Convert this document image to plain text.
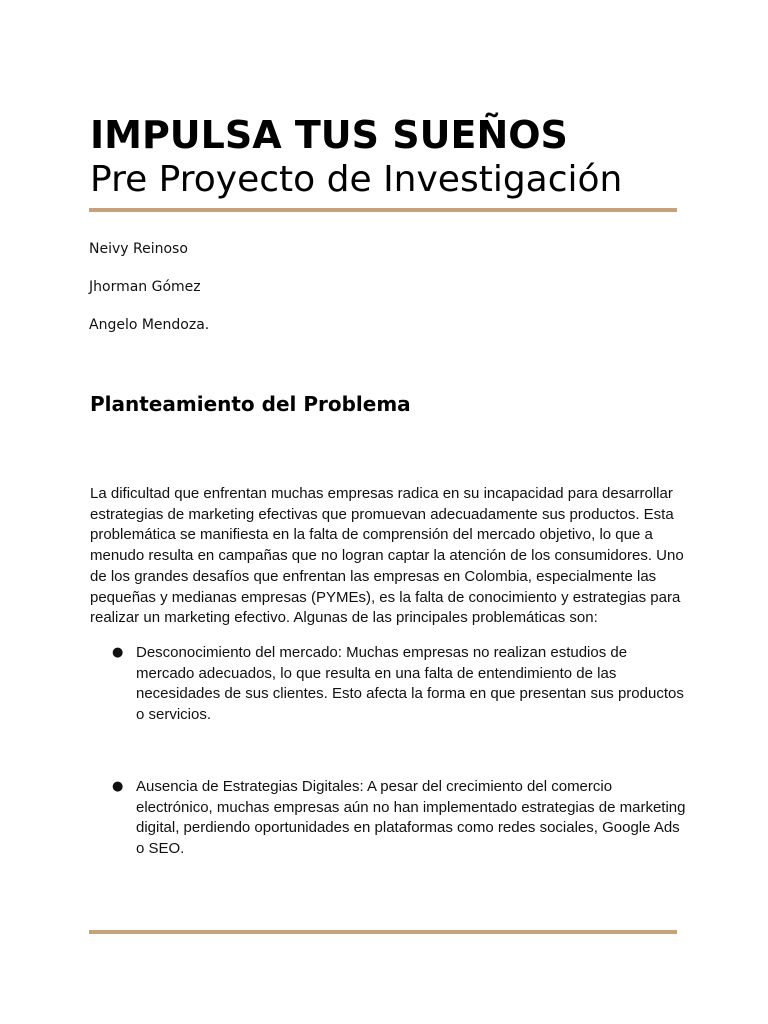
IMPULSA TUS SUEÑOS
Pre Proyecto de Investigación

Neivy Reinoso

Jhorman Gómez

Angelo Mendoza.

Planteamiento del Problema

La dificultad que enfrentan muchas empresas radica en su incapacidad para desarrollar estrategias de marketing efectivas que promuevan adecuadamente sus productos. Esta problemática se manifiesta en la falta de comprensión del mercado objetivo, lo que a menudo resulta en campañas que no logran captar la atención de los consumidores. Uno de los grandes desafíos que enfrentan las empresas en Colombia, especialmente las pequeñas y medianas empresas (PYMEs), es la falta de conocimiento y estrategias para realizar un marketing efectivo. Algunas de las principales problemáticas son:

● Desconocimiento del mercado: Muchas empresas no realizan estudios de mercado adecuados, lo que resulta en una falta de entendimiento de las necesidades de sus clientes. Esto afecta la forma en que presentan sus productos o servicios.
● Ausencia de Estrategias Digitales: A pesar del crecimiento del comercio electrónico, muchas empresas aún no han implementado estrategias de marketing digital, perdiendo oportunidades en plataformas como redes sociales, Google Ads o SEO.
